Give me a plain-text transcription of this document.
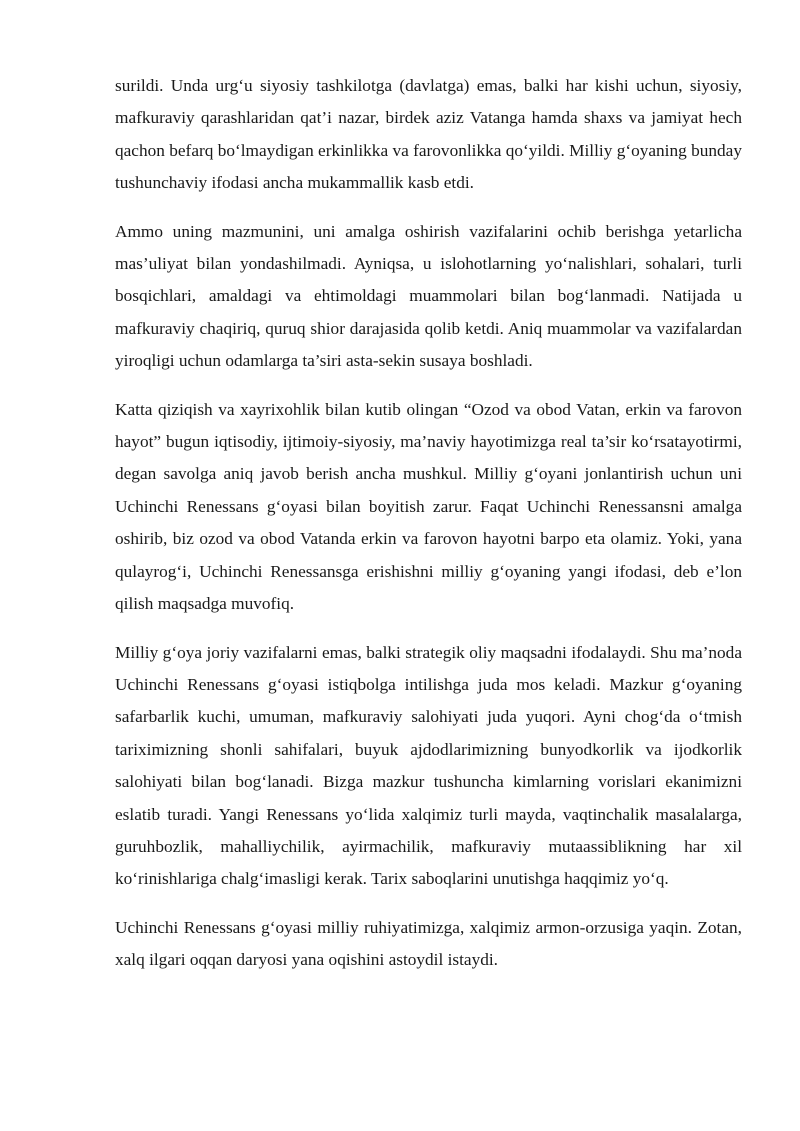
surildi. Unda urg‘u siyosiy tashkilotga (davlatga) emas, balki har kishi uchun, siyosiy, mafkuraviy qarashlaridan qat’i nazar, birdek aziz Vatanga hamda shaxs va jamiyat hech qachon befarq bo‘lmaydigan erkinlikka va farovonlikka qo‘yildi. Milliy g‘oyaning bunday tushunchaviy ifodasi ancha mukammallik kasb etdi.

Ammo uning mazmunini, uni amalga oshirish vazifalarini ochib berishga yetarlicha mas’uliyat bilan yondashilmadi. Ayniqsa, u islohotlarning yo‘nalishlari, sohalari, turli bosqichlari, amaldagi va ehtimoldagi muammolari bilan bog‘lanmadi. Natijada u mafkuraviy chaqiriq, quruq shior darajasida qolib ketdi. Aniq muammolar va vazifalardan yiroqligi uchun odamlarga ta’siri asta-sekin susaya boshladi.

Katta qiziqish va xayrixohlik bilan kutib olingan “Ozod va obod Vatan, erkin va farovon hayot” bugun iqtisodiy, ijtimoiy-siyosiy, ma’naviy hayotimizga real ta’sir ko‘rsatayotirmi, degan savolga aniq javob berish ancha mushkul. Milliy g‘oyani jonlantirish uchun uni Uchinchi Renessans g‘oyasi bilan boyitish zarur. Faqat Uchinchi Renessansni amalga oshirib, biz ozod va obod Vatanda erkin va farovon hayotni barpo eta olamiz. Yoki, yana qulayrog‘i, Uchinchi Renessansga erishishni milliy g‘oyaning yangi ifodasi, deb e’lon qilish maqsadga muvofiq.

Milliy g‘oya joriy vazifalarni emas, balki strategik oliy maqsadni ifodalaydi. Shu ma’noda Uchinchi Renessans g‘oyasi istiqbolga intilishga juda mos keladi. Mazkur g‘oyaning safarbarlik kuchi, umuman, mafkuraviy salohiyati juda yuqori. Ayni chog‘da o‘tmish tariximizning shonli sahifalari, buyuk ajdodlarimizning bunyodkorlik va ijodkorlik salohiyati bilan bog‘lanadi. Bizga mazkur tushuncha kimlarning vorislari ekanimizni eslatib turadi. Yangi Renessans yo‘lida xalqimiz turli mayda, vaqtinchalik masalalarga, guruhbozlik, mahalliychilik, ayirmachilik, mafkuraviy mutaassiblikning har xil ko‘rinishlariga chalg‘imasligi kerak. Tarix saboqlarini unutishga haqqimiz yo‘q.

Uchinchi Renessans g‘oyasi milliy ruhiyatimizga, xalqimiz armon-orzusiga yaqin. Zotan, xalq ilgari oqqan daryosi yana oqishini astoydil istaydi.
